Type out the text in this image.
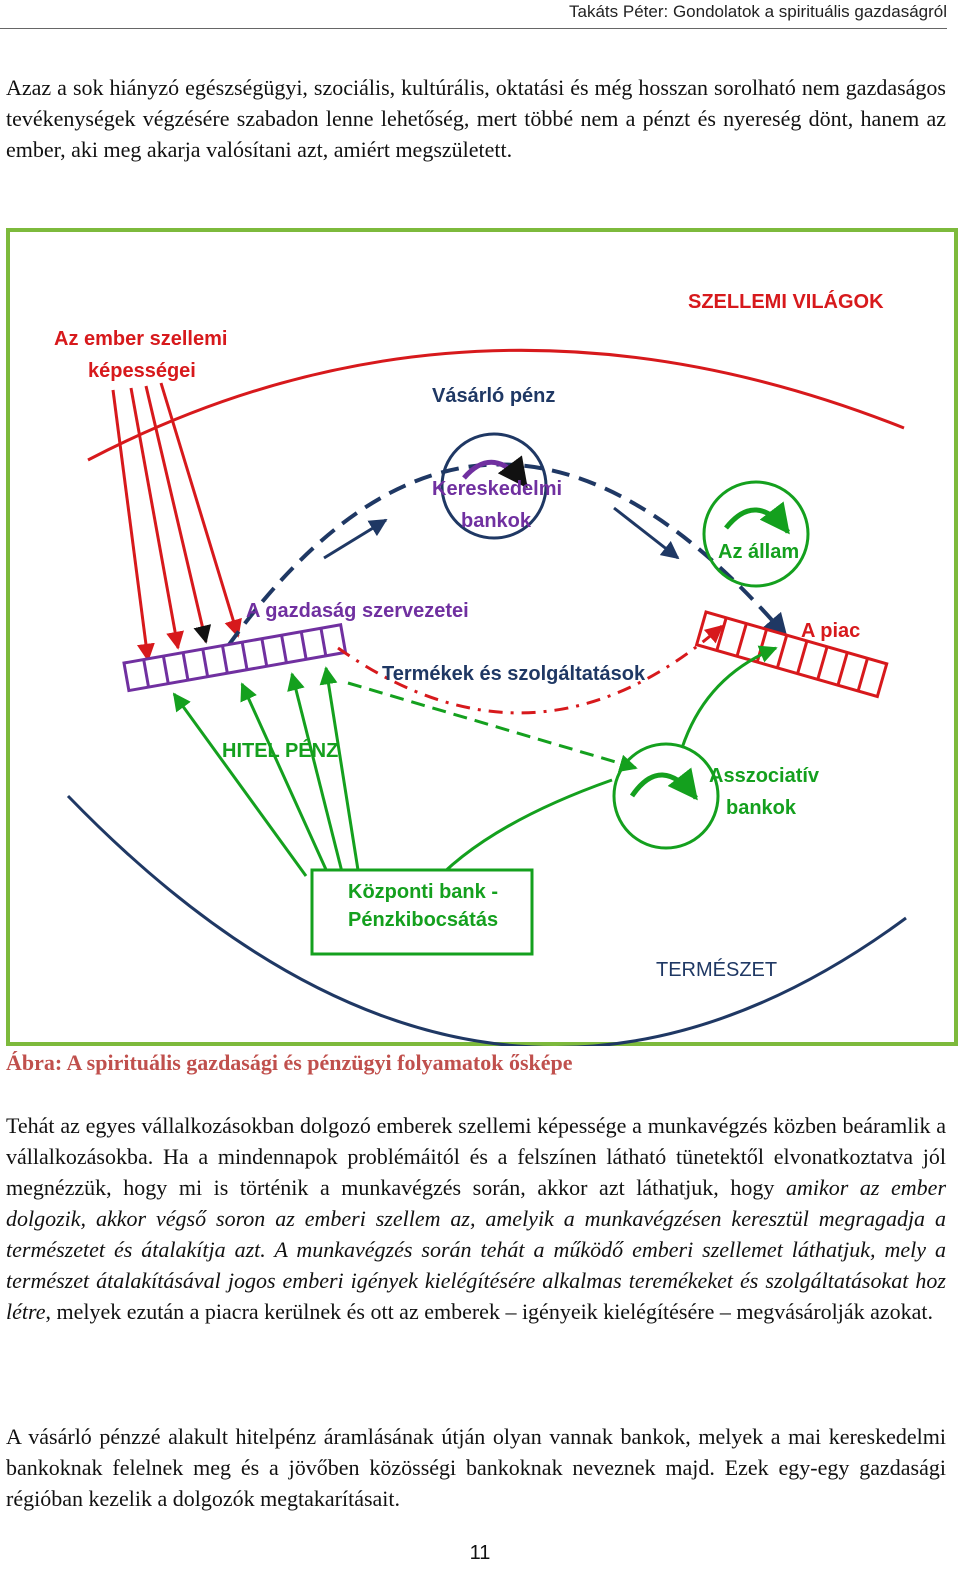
Takáts Péter: Gondolatok a spirituális gazdaságról

Azaz a sok hiányzó egészségügyi, szociális, kultúrális, oktatási és még hosszan sorolható nem gazdaságos tevékenységek végzésére szabadon lenne lehetőség, mert többé nem a pénzt és nyereség dönt, hanem az ember, aki meg akarja valósítani azt, amiért megszületett.

SZELLEMI VILÁGOK
Az ember szellemi
képességei
Vásárló pénz
Kereskedelmi
bankok
Az állam
A gazdaság szervezetei
A piac
Termékek és szolgáltatások
HITEL PÉNZ
Asszociatív
bankok
Központi bank -
Pénzkibocsátás
TERMÉSZET
Ábra: A spirituális gazdasági és pénzügyi folyamatok ősképe

Tehát az egyes vállalkozásokban dolgozó emberek szellemi képessége a munkavégzés közben beáramlik a vállalkozásokba. Ha a mindennapok problémáitól és a felszínen látható tünetektől elvonatkoztatva jól megnézzük, hogy mi is történik a munkavégzés során, akkor azt láthatjuk, hogy amikor az ember dolgozik, akkor végső soron az emberi szellem az, amelyik a munkavégzésen keresztül megragadja a természetet és átalakítja azt. A munkavégzés során tehát a működő emberi szellemet láthatjuk, mely a természet átalakításával jogos emberi igények kielégítésére alkalmas teremékeket és szolgáltatásokat hoz létre, melyek ezután a piacra kerülnek és ott az emberek – igényeik kielégítésére – megvásárolják azokat.

A vásárló pénzzé alakult hitelpénz áramlásának útján olyan vannak bankok, melyek a mai kereskedelmi bankoknak felelnek meg és a jövőben közösségi bankoknak neveznek majd. Ezek egy-egy gazdasági régióban kezelik a dolgozók megtakarításait.

11
